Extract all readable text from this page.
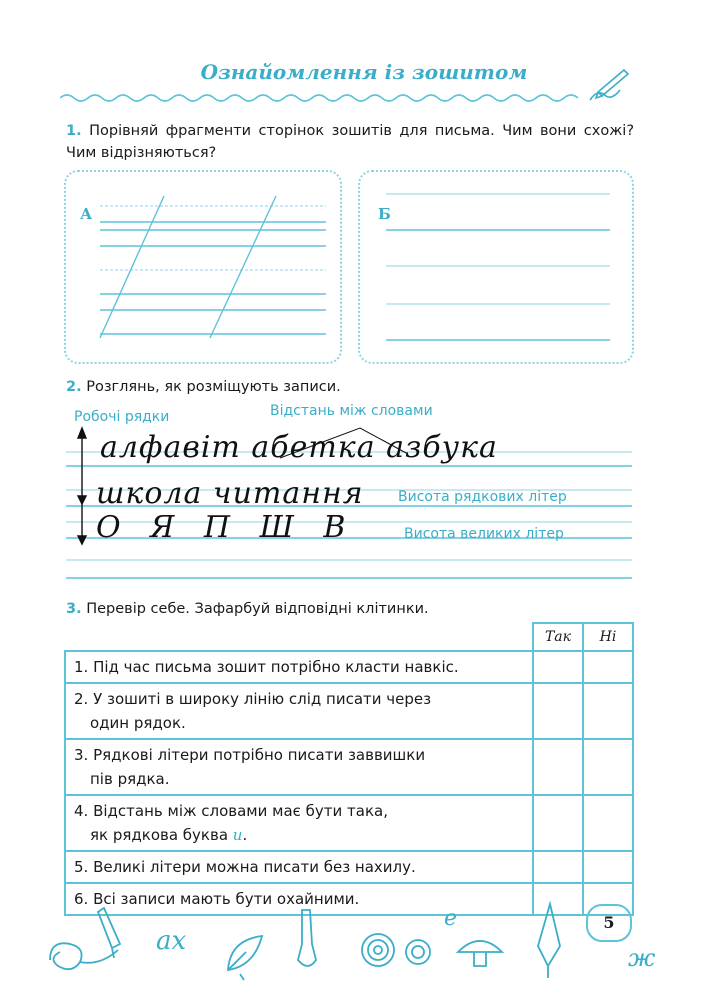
Ознайомлення із зошитом
1. Порівняй фрагменти сторінок зошитів для письма. Чим вони схожі? Чим відрізняються?
А	Б
2. Розглянь, як розміщують записи.
Робочі рядки	Відстань між словами
алфавіт абетка азбука
школа читання
О Я П Ш В
Висота рядкових літер
Висота великих літер
3. Перевір себе. Зафарбуй відповідні клітинки.
	Так	Ні
1. Під час письма зошит потрібно класти навкіс.		
2. У зошиті в широку лінію слід писати через
один рядок.		
3. Рядкові літери потрібно писати заввишки
пів рядка.		
4. Відстань між словами має бути така,
як рядкова буква и.		
5. Великі літери можна писати без нахилу.		
6. Всі записи мають бути охайними.		
ах
е
ж
5
